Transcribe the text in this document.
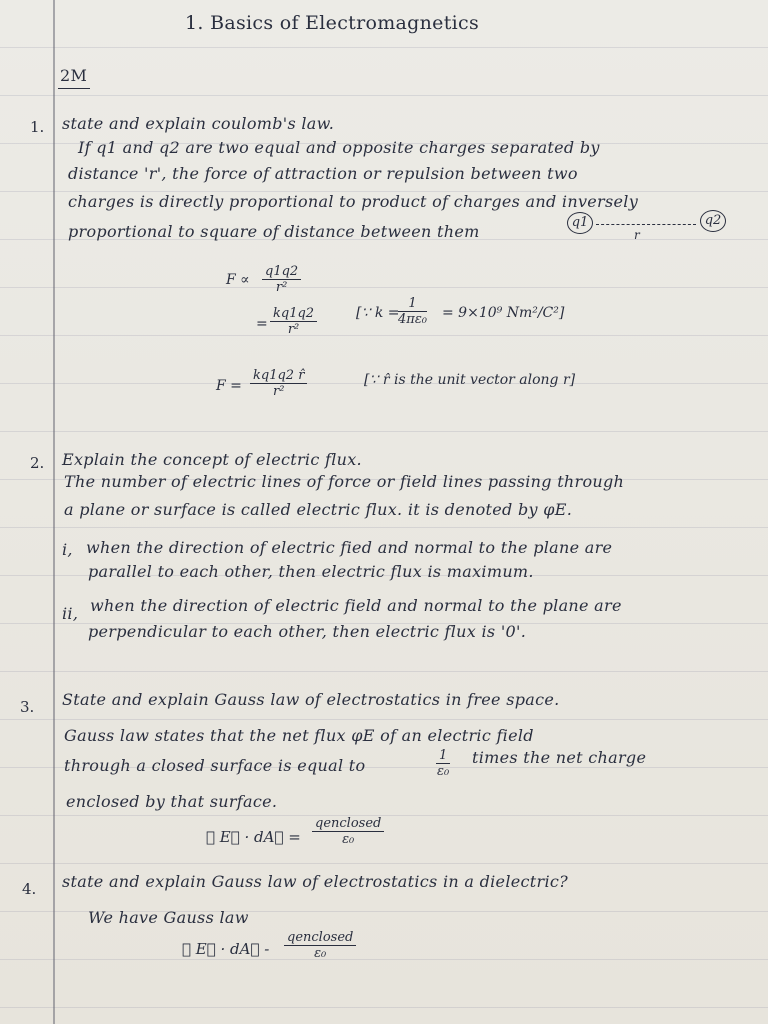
1. Basics of Electromagnetics
2M
1. state and explain coulomb's law.
If q1 and q2 are two equal and opposite charges separated by
distance 'r', the force of attraction or repulsion between two
charges is directly proportional to product of charges and inversely
proportional to square of distance between them	q1
r
q2
$F \propto \frac{q1q2}{\text{r²}}$
= $\frac{kq1q2}{\text{r²}}$	[∵ k =
$\frac{1}{\text{4πε₀}} = 9\times 10^9$ Nm²/C²]
$F = \frac{kq1q2 r̂}{\text{r²}}$	[∵ r̂ is the unit vector along r]
2. Explain the concept of electric flux.
The number of electric lines of force or field lines passing through
a plane or surface is called electric flux. it is denoted by φE.
i, when the direction of electric fied and normal to the plane are
parallel to each other, then electric flux is maximum.
ii, when the direction of electric field and normal to the plane are
perpendicular to each other, then electric flux is '0'.
3. State and explain Gauss law of electrostatics in free space.
Gauss law states that the net flux φE of an electric field
through a closed surface is equal to	$\frac{1}{\text{ε₀}}$ times the net charge
enclosed by that surface.
∮ E⃗ · dA⃗ =
qenclosed
ε₀
4. state and explain Gauss law of electrostatics in a dielectric?
We have Gauss law
∮ E⃗ · dA⃗ -
qenclosed
ε₀
